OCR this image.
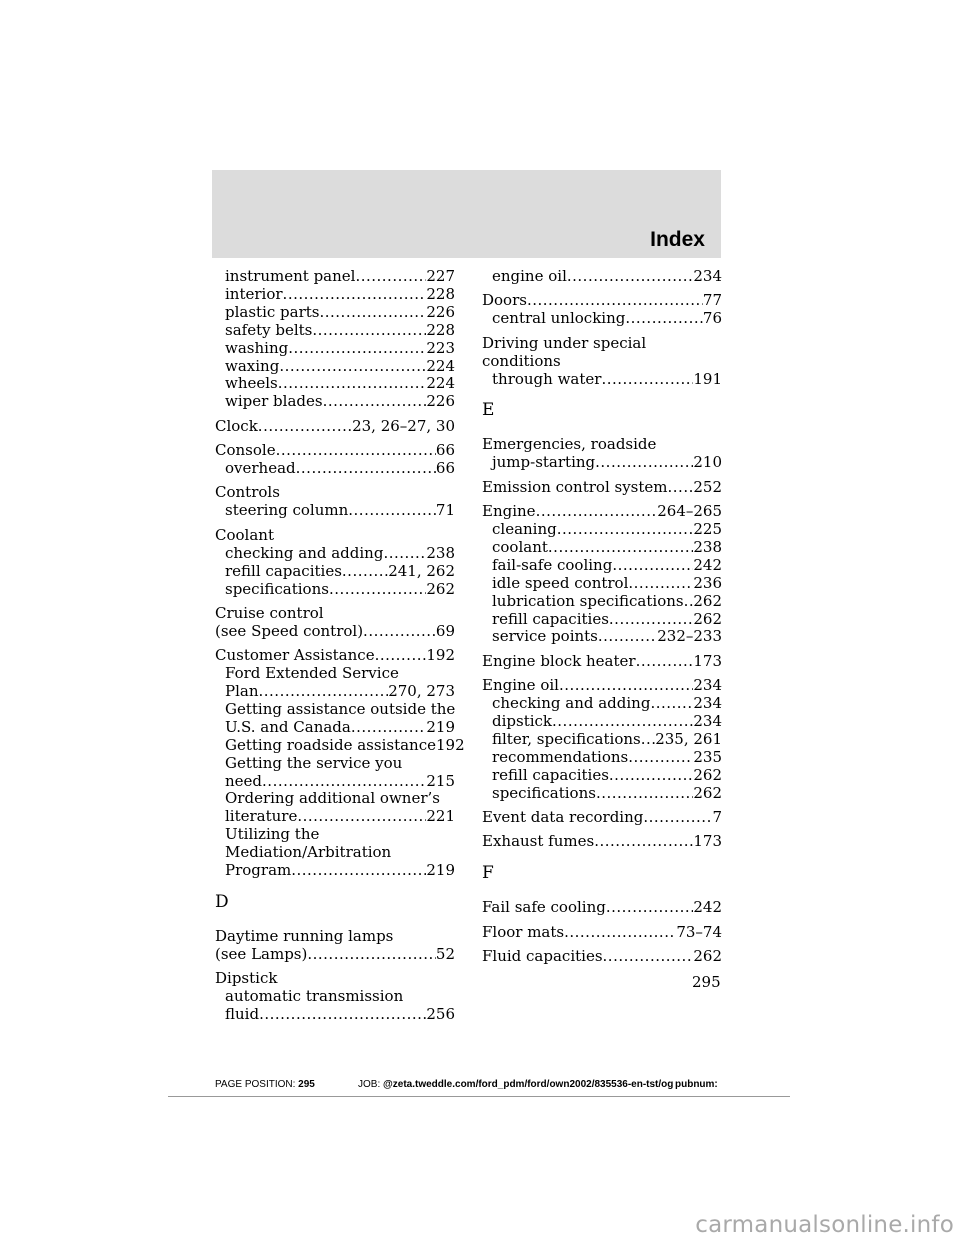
Index
instrument panel .....	227
interior .....	228
plastic parts .....	226
safety belts .....	228
washing .....	223
waxing .....	224
wheels .....	224
wiper blades .....	226
Clock .....	23, 26–27, 30
Console .....	66
overhead .....	66
Controls
steering column .....	71
Coolant
checking and adding .....	238
refill capacities .....	241, 262
specifications .....	262
Cruise control
(see Speed control) .....	69
Customer Assistance .....	192
Ford Extended Service
Plan .....	270, 273
Getting assistance outside the
U.S. and Canada .....	219
Getting roadside assistance 192
Getting the service you
need .....	215
Ordering additional owner’s
literature .....	221
Utilizing the
Mediation/Arbitration
Program .....	219
D
Daytime running lamps
(see Lamps) .....	52
Dipstick
automatic transmission
fluid .....	256
engine oil .....	234
Doors .....	77
central unlocking .....	76
Driving under special
conditions
through water .....	191
E
Emergencies, roadside
jump-starting .....	210
Emission control system ..... 252
Engine .....	264–265
cleaning .....	225
coolant .....	238
fail-safe cooling .....	242
idle speed control .....	236
lubrication specifications ..... 262
refill capacities .....	262
service points .....	232–233
Engine block heater .....	173
Engine oil .....	234
checking and adding .....	234
dipstick .....	234
filter, specifications ..... 235, 261
recommendations .....	235
refill capacities .....	262
specifications .....	262
Event data recording .....	7
Exhaust fumes .....	173
F
Fail safe cooling .....	242
Floor mats .....	73–74
Fluid capacities .....	262
295
PAGE POSITION: 295	JOB: @zeta.tweddle.com/ford_pdm/ford/own2002/835536-en-tst/og pubnum:
carmanualsonline.info
